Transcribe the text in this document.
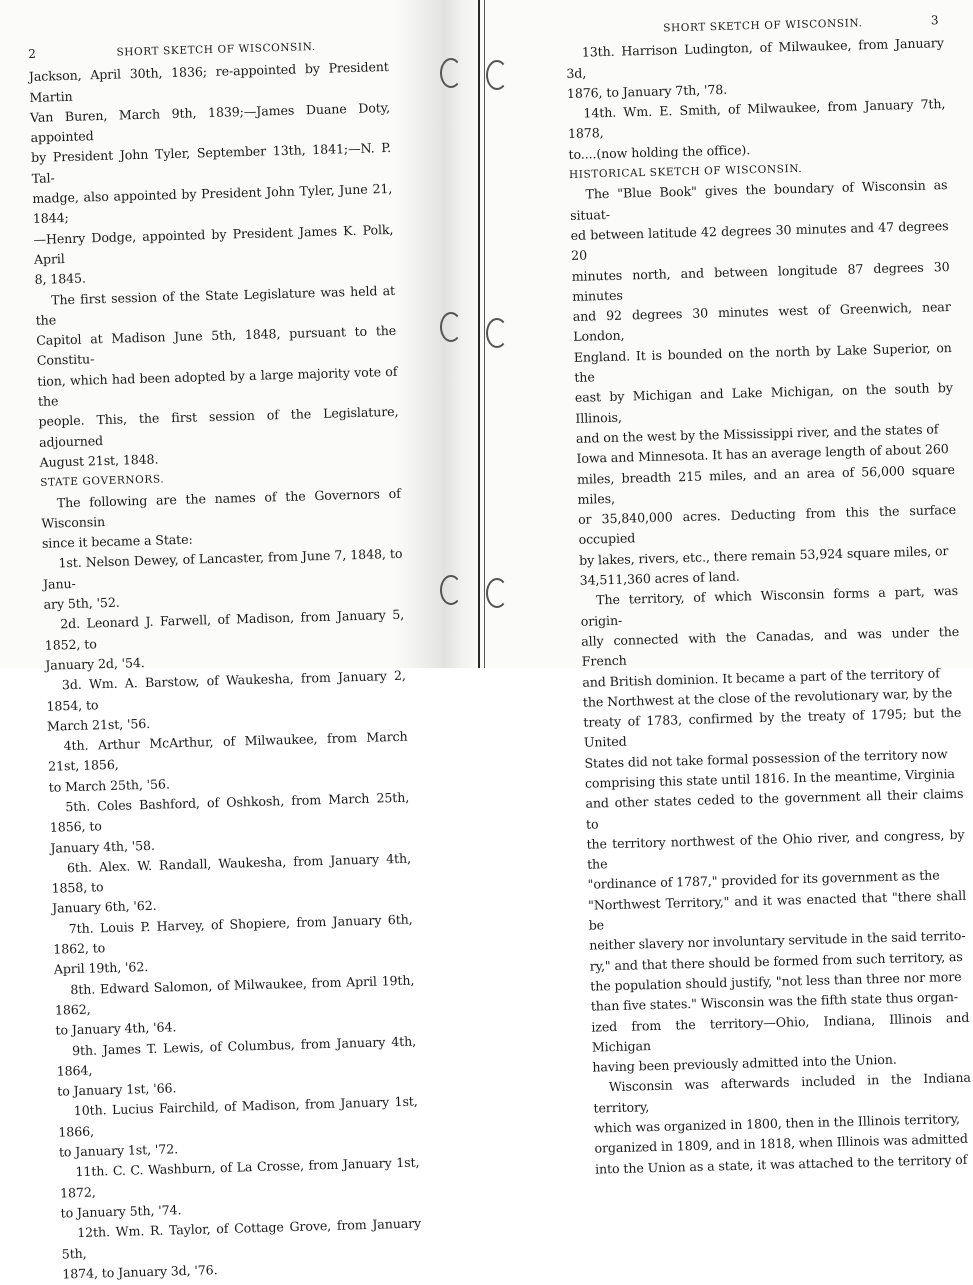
2	SHORT SKETCH OF WISCONSIN.

Jackson, April 30th, 1836; re-appointed by President Martin

Van Buren, March 9th, 1839;—James Duane Doty, appointed

by President John Tyler, September 13th, 1841;—N. P. Tal-

madge, also appointed by President John Tyler, June 21, 1844;

—Henry Dodge, appointed by President James K. Polk, April

8, 1845.

The first session of the State Legislature was held at the

Capitol at Madison June 5th, 1848, pursuant to the Constitu-

tion, which had been adopted by a large majority vote of the

people. This, the first session of the Legislature, adjourned

August 21st, 1848.

STATE GOVERNORS.

The following are the names of the Governors of Wisconsin

since it became a State:

1st. Nelson Dewey, of Lancaster, from June 7, 1848, to Janu-

ary 5th, '52.

2d. Leonard J. Farwell, of Madison, from January 5, 1852, to

January 2d, '54.

3d. Wm. A. Barstow, of Waukesha, from January 2, 1854, to

March 21st, '56.

4th. Arthur McArthur, of Milwaukee, from March 21st, 1856,

to March 25th, '56.

5th. Coles Bashford, of Oshkosh, from March 25th, 1856, to

January 4th, '58.

6th. Alex. W. Randall, Waukesha, from January 4th, 1858, to

January 6th, '62.

7th. Louis P. Harvey, of Shopiere, from January 6th, 1862, to

April 19th, '62.

8th. Edward Salomon, of Milwaukee, from April 19th, 1862,

to January 4th, '64.

9th. James T. Lewis, of Columbus, from January 4th, 1864,

to January 1st, '66.

10th. Lucius Fairchild, of Madison, from January 1st, 1866,

to January 1st, '72.

11th. C. C. Washburn, of La Crosse, from January 1st, 1872,

to January 5th, '74.

12th. Wm. R. Taylor, of Cottage Grove, from January 5th,

1874, to January 3d, '76.

SHORT SKETCH OF WISCONSIN.	3

13th. Harrison Ludington, of Milwaukee, from January 3d,

1876, to January 7th, '78.

14th. Wm. E. Smith, of Milwaukee, from January 7th, 1878,

to....(now holding the office).

HISTORICAL SKETCH OF WISCONSIN.

The "Blue Book" gives the boundary of Wisconsin as situat-

ed between latitude 42 degrees 30 minutes and 47 degrees 20

minutes north, and between longitude 87 degrees 30 minutes

and 92 degrees 30 minutes west of Greenwich, near London,

England. It is bounded on the north by Lake Superior, on the

east by Michigan and Lake Michigan, on the south by Illinois,

and on the west by the Mississippi river, and the states of

Iowa and Minnesota. It has an average length of about 260

miles, breadth 215 miles, and an area of 56,000 square miles,

or 35,840,000 acres. Deducting from this the surface occupied

by lakes, rivers, etc., there remain 53,924 square miles, or

34,511,360 acres of land.

The territory, of which Wisconsin forms a part, was origin-

ally connected with the Canadas, and was under the French

and British dominion. It became a part of the territory of

the Northwest at the close of the revolutionary war, by the

treaty of 1783, confirmed by the treaty of 1795; but the United

States did not take formal possession of the territory now

comprising this state until 1816. In the meantime, Virginia

and other states ceded to the government all their claims to

the territory northwest of the Ohio river, and congress, by the

"ordinance of 1787," provided for its government as the

"Northwest Territory," and it was enacted that "there shall be

neither slavery nor involuntary servitude in the said territo-

ry," and that there should be formed from such territory, as

the population should justify, "not less than three nor more

than five states." Wisconsin was the fifth state thus organ-

ized from the territory—Ohio, Indiana, Illinois and Michigan

having been previously admitted into the Union.

Wisconsin was afterwards included in the Indiana territory,

which was organized in 1800, then in the Illinois territory,

organized in 1809, and in 1818, when Illinois was admitted

into the Union as a state, it was attached to the territory of
